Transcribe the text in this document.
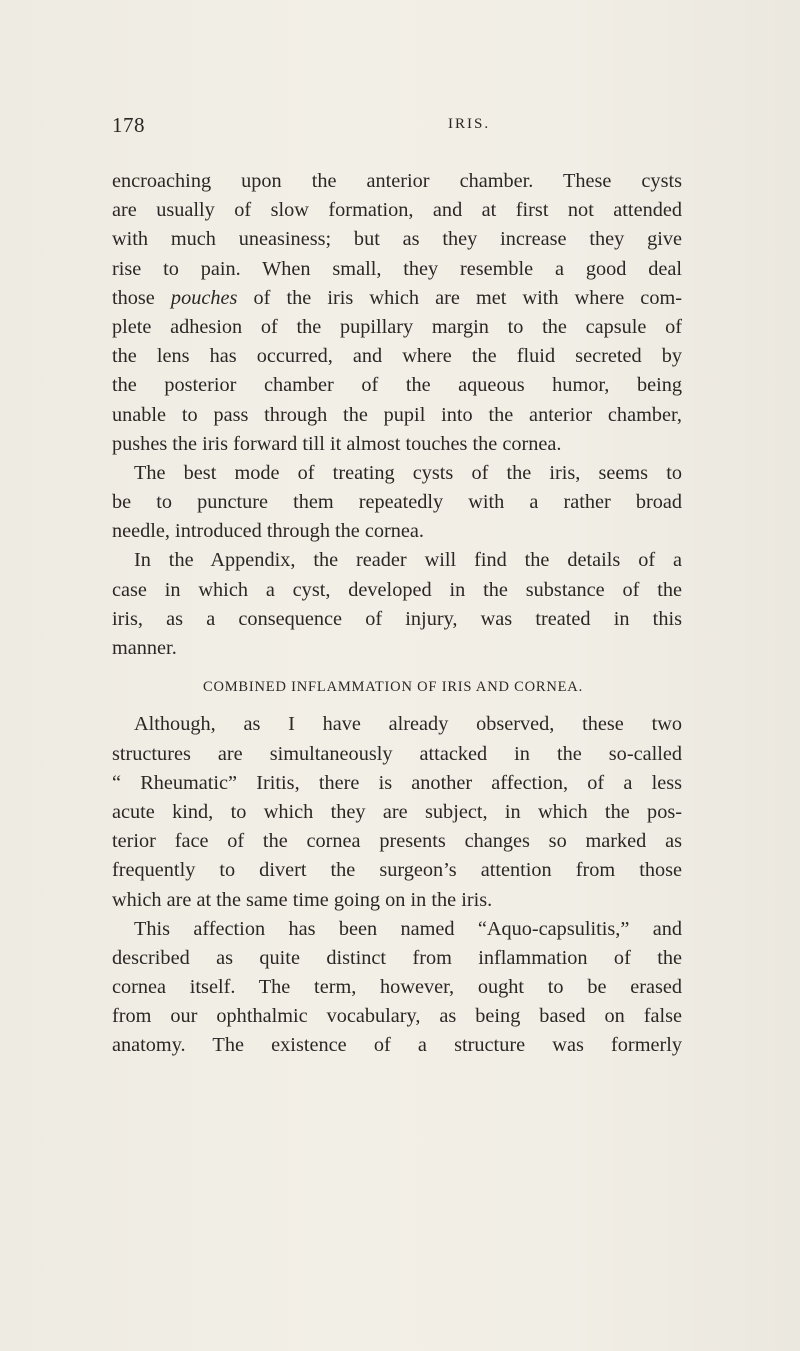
178	IRIS.
encroaching upon the anterior chamber. These cysts
are usually of slow formation, and at first not attended
with much uneasiness; but as they increase they give
rise to pain. When small, they resemble a good deal
those pouches of the iris which are met with where com-
plete adhesion of the pupillary margin to the capsule of
the lens has occurred, and where the fluid secreted by
the posterior chamber of the aqueous humor, being
unable to pass through the pupil into the anterior chamber,
pushes the iris forward till it almost touches the cornea.
The best mode of treating cysts of the iris, seems to
be to puncture them repeatedly with a rather broad
needle, introduced through the cornea.
In the Appendix, the reader will find the details of a
case in which a cyst, developed in the substance of the
iris, as a consequence of injury, was treated in this
manner.
COMBINED INFLAMMATION OF IRIS AND CORNEA.
Although, as I have already observed, these two
structures are simultaneously attacked in the so-called
“ Rheumatic” Iritis, there is another affection, of a less
acute kind, to which they are subject, in which the pos-
terior face of the cornea presents changes so marked as
frequently to divert the surgeon’s attention from those
which are at the same time going on in the iris.
This affection has been named “Aquo-capsulitis,” and
described as quite distinct from inflammation of the
cornea itself. The term, however, ought to be erased
from our ophthalmic vocabulary, as being based on false
anatomy. The existence of a structure was formerly
